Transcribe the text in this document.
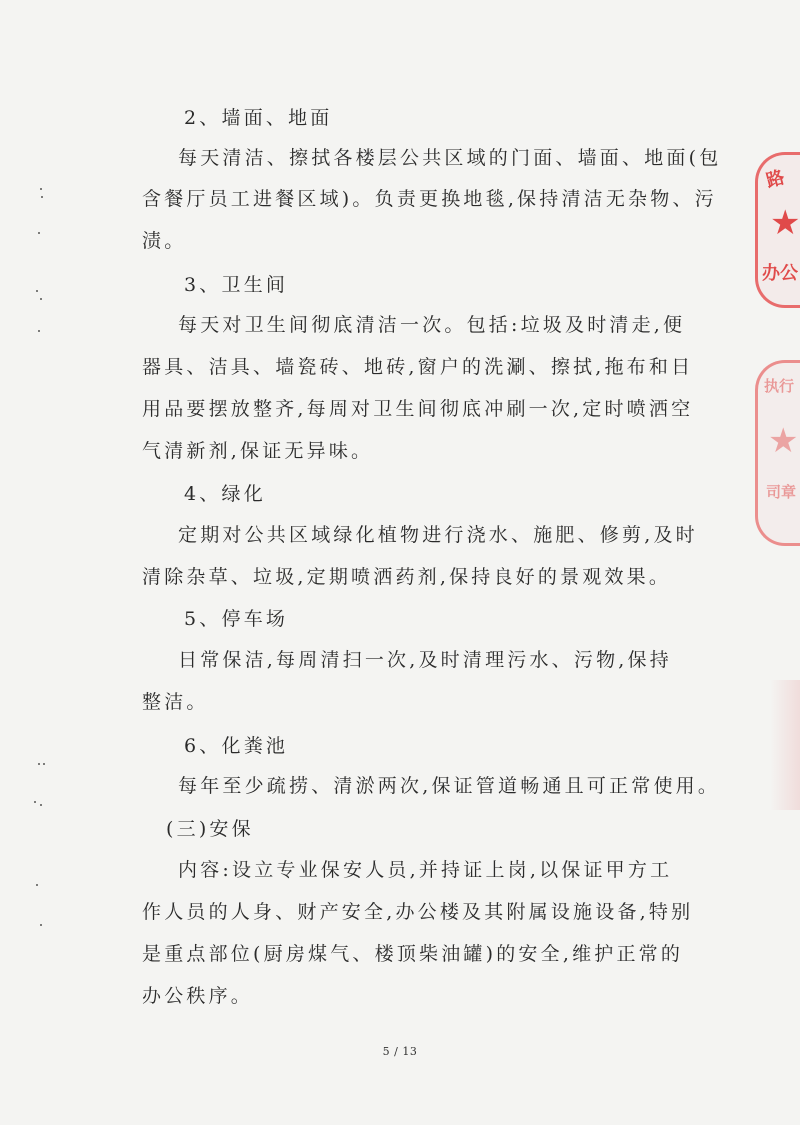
2、墙面、地面
每天清洁、擦拭各楼层公共区域的门面、墙面、地面(包
含餐厅员工进餐区域)。负责更换地毯,保持清洁无杂物、污
渍。
3、卫生间
每天对卫生间彻底清洁一次。包括:垃圾及时清走,便
器具、洁具、墙瓷砖、地砖,窗户的洗涮、擦拭,拖布和日
用品要摆放整齐,每周对卫生间彻底冲刷一次,定时喷洒空
气清新剂,保证无异味。
4、绿化
定期对公共区域绿化植物进行浇水、施肥、修剪,及时
清除杂草、垃圾,定期喷洒药剂,保持良好的景观效果。
5、停车场
日常保洁,每周清扫一次,及时清理污水、污物,保持
整洁。
6、化粪池
每年至少疏捞、清淤两次,保证管道畅通且可正常使用。
(三)安保
内容:设立专业保安人员,并持证上岗,以保证甲方工
作人员的人身、财产安全,办公楼及其附属设施设备,特别
是重点部位(厨房煤气、楼顶柴油罐)的安全,维护正常的
办公秩序。
5 / 13
路
★
办公
执行
★
司章
